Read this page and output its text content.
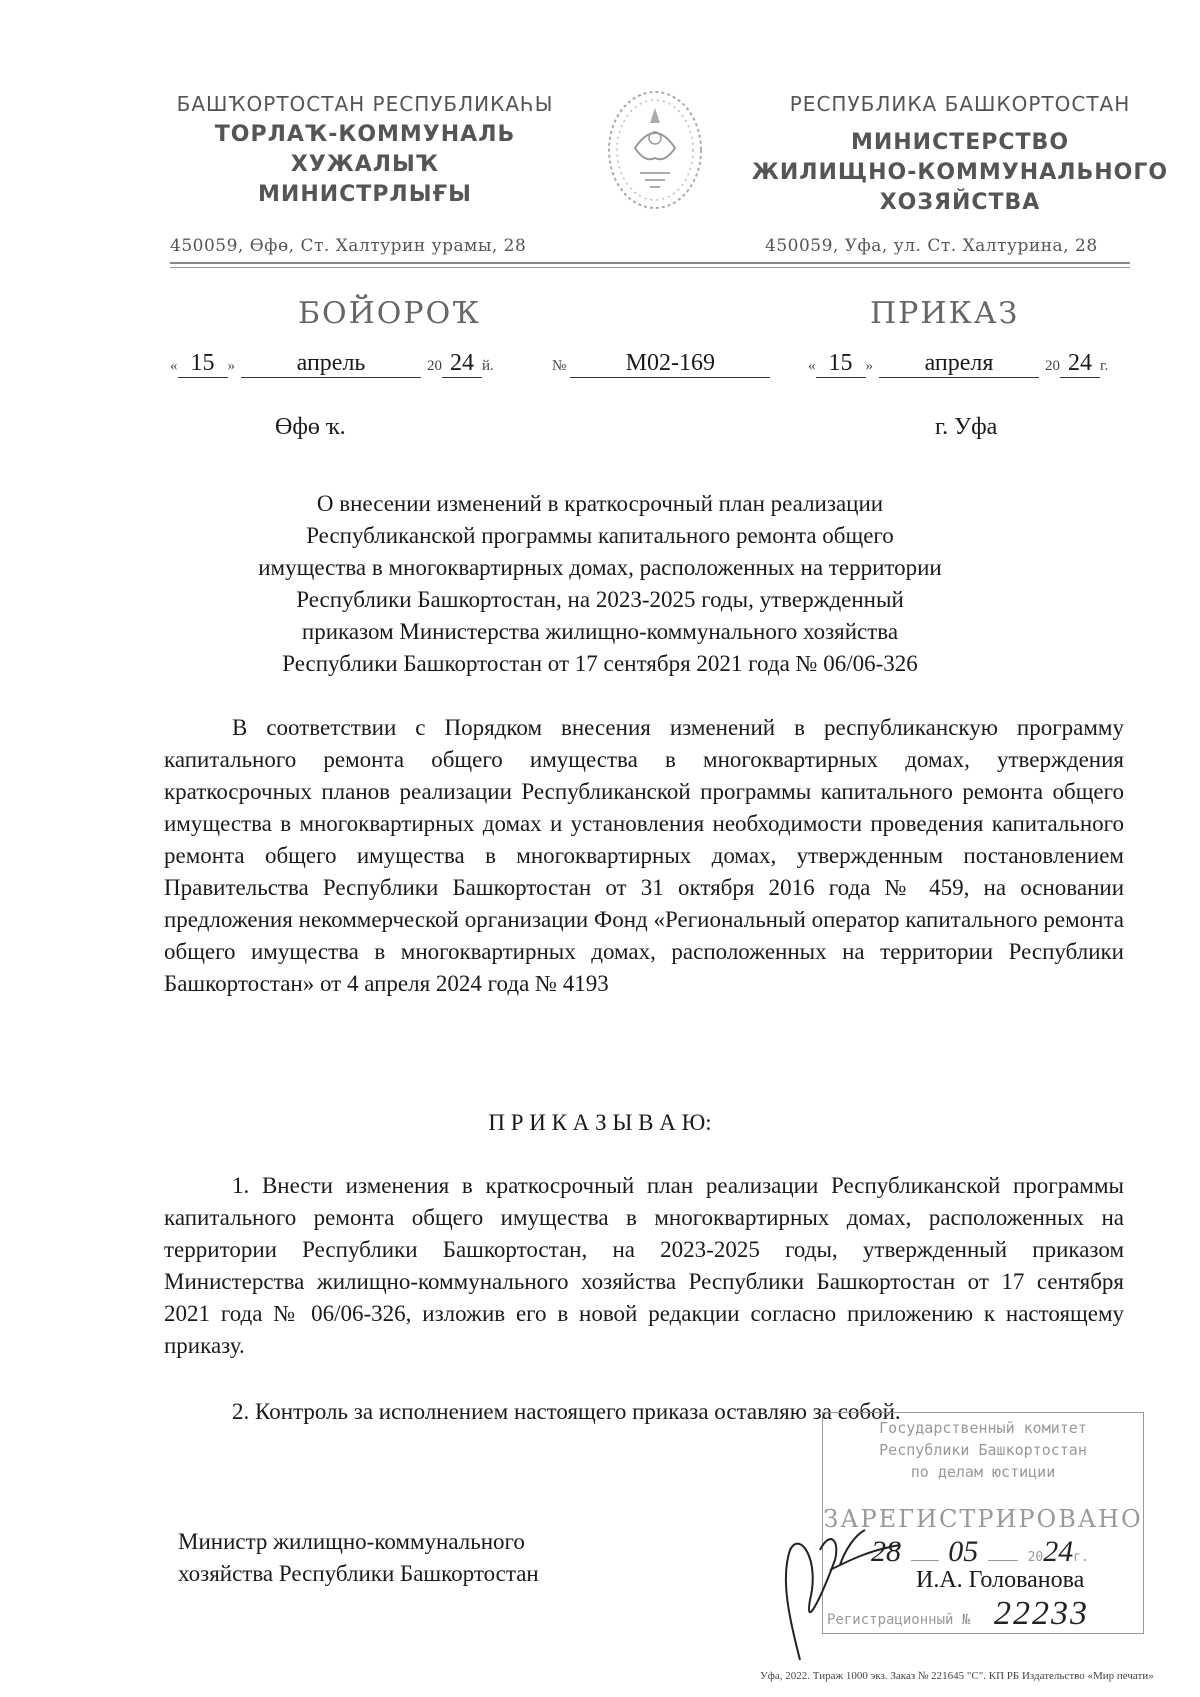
БАШҠОРТОСТАН РЕСПУБЛИКАҺЫ
ТОРЛАҠ-КОММУНАЛЬ
ХУЖАЛЫҠ
МИНИСТРЛЫҒЫ
450059, Өфө, Ст. Халтурин урамы, 28
РЕСПУБЛИКА БАШКОРТОСТАН
МИНИСТЕРСТВО
ЖИЛИЩНО-КОММУНАЛЬНОГО
ХОЗЯЙСТВА
450059, Уфа, ул. Ст. Халтурина, 28
БОЙОРОҠ	ПРИКАЗ
« 15 »	апрель	20 24 й.	№ М02-169	« 15 » апреля	20 24 г.
Өфө ҡ.	г. Уфа
О внесении изменений в краткосрочный план реализации
Республиканской программы капитального ремонта общего
имущества в многоквартирных домах, расположенных на территории
Республики Башкортостан, на 2023-2025 годы, утвержденный
приказом Министерства жилищно-коммунального хозяйства
Республики Башкортостан от 17 сентября 2021 года № 06/06-326
В соответствии с Порядком внесения изменений в республиканскую программу капитального ремонта общего имущества в многоквартирных домах, утверждения краткосрочных планов реализации Республиканской программы капитального ремонта общего имущества в многоквартирных домах и установления необходимости проведения капитального ремонта общего имущества в многоквартирных домах, утвержденным постановлением Правительства Республики Башкортостан от 31 октября 2016 года № 459, на основании предложения некоммерческой организации Фонд «Региональный оператор капитального ремонта общего имущества в многоквартирных домах, расположенных на территории Республики Башкортостан» от 4 апреля 2024 года № 4193
П Р И К А З Ы В А Ю:
1. Внести изменения в краткосрочный план реализации Республиканской программы капитального ремонта общего имущества в многоквартирных домах, расположенных на территории Республики Башкортостан, на 2023-2025 годы, утвержденный приказом Министерства жилищно-коммунального хозяйства Республики Башкортостан от 17 сентября 2021 года № 06/06-326, изложив его в новой редакции согласно приложению к настоящему приказу.
2. Контроль за исполнением настоящего приказа оставляю за собой.
Государственный комитет
Республики Башкортостан
по делам юстиции
ЗАРЕГИСТРИРОВАНО
28 05	2024г.
Регистрационный № 22233
Министр жилищно-коммунального
хозяйства Республики Башкортостан	И.А. Голованова
Уфа, 2022. Тираж 1000 экз. Заказ № 221645 "С". КП РБ Издательство «Мир печати»
